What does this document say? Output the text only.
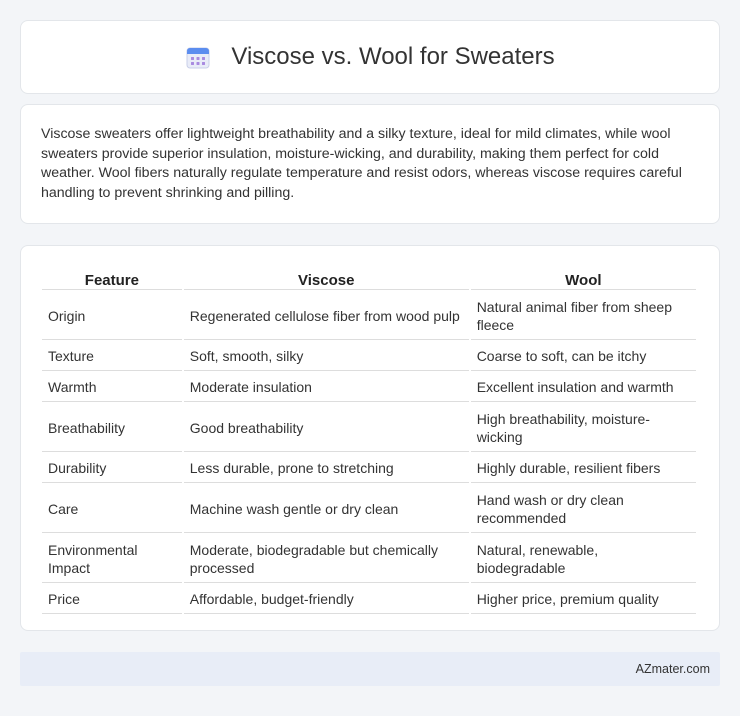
Viscose vs. Wool for Sweaters

Viscose sweaters offer lightweight breathability and a silky texture, ideal for mild climates, while wool sweaters provide superior insulation, moisture-wicking, and durability, making them perfect for cold weather. Wool fibers naturally regulate temperature and resist odors, whereas viscose requires careful handling to prevent shrinking and pilling.

Feature	Viscose	Wool
Origin	Regenerated cellulose fiber from wood pulp	Natural animal fiber from sheep fleece
Texture	Soft, smooth, silky	Coarse to soft, can be itchy
Warmth	Moderate insulation	Excellent insulation and warmth
Breathability	Good breathability	High breathability, moisture-wicking
Durability	Less durable, prone to stretching	Highly durable, resilient fibers
Care	Machine wash gentle or dry clean	Hand wash or dry clean recommended
Environmental Impact	Moderate, biodegradable but chemically processed	Natural, renewable, biodegradable
Price	Affordable, budget-friendly	Higher price, premium quality
AZmater.com
